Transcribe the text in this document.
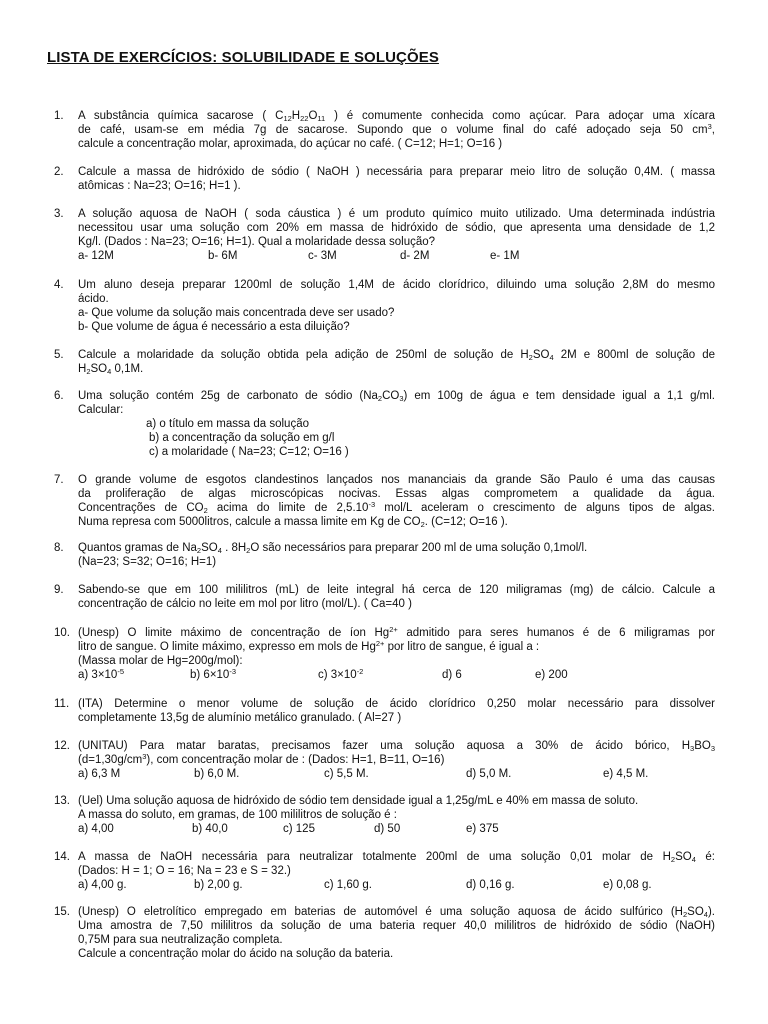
LISTA DE EXERCÍCIOS: SOLUBILIDADE E SOLUÇÕES
1. A substância química sacarose ( $C_{12}H_{22}O_{11}$ ) é comumente conhecida como açúcar. Para adoçar uma xícara
de café, usam-se em média 7g de sacarose. Supondo que o volume final do café adoçado seja 50 $cm^3$,
calcule a concentração molar, aproximada, do açúcar no café. ( C=12; H=1; O=16 )
2. Calcule a massa de hidróxido de sódio ( NaOH ) necessária para preparar meio litro de solução 0,4M. ( massa
atômicas : Na=23; O=16; H=1 ).
3. A solução aquosa de NaOH ( soda cáustica ) é um produto químico muito utilizado. Uma determinada indústria
necessitou usar uma solução com 20% em massa de hidróxido de sódio, que apresenta uma densidade de 1,2
Kg/l. (Dados : Na=23; O=16; H=1). Qual a molaridade dessa solução?
a- 12M	b- 6M	c- 3M	d- 2M	e- 1M
4. Um aluno deseja preparar 1200ml de solução 1,4M de ácido clorídrico, diluindo uma solução 2,8M do mesmo
ácido.
a- Que volume da solução mais concentrada deve ser usado?
b- Que volume de água é necessário a esta diluição?
5. Calcule a molaridade da solução obtida pela adição de 250ml de solução de $H_2SO_4$ 2M e 800ml de solução de
$H_2SO_4$ 0,1M.
6. Uma solução contém 25g de carbonato de sódio $(Na_2CO_3)$ em 100g de água e tem densidade igual a 1,1 g/ml.
Calcular:
a) o título em massa da solução
b) a concentração da solução em g/l
c) a molaridade ( Na=23; C=12; O=16 )
7. O grande volume de esgotos clandestinos lançados nos mananciais da grande São Paulo é uma das causas
da proliferação de algas microscópicas nocivas. Essas algas comprometem a qualidade da água.
Concentrações de $CO_2$ acima do limite de $2,5.10^{-3}$ mol/L aceleram o crescimento de alguns tipos de algas.
Numa represa com 5000litros, calcule a massa limite em Kg de $CO_2$. (C=12; O=16 ).
8. Quantos gramas de $Na_2SO_4$ . $8H_2O$ são necessários para preparar 200 ml de uma solução 0,1mol/l.
(Na=23; S=32; O=16; H=1)
9. Sabendo-se que em 100 mililitros (mL) de leite integral há cerca de 120 miligramas (mg) de cálcio. Calcule a
concentração de cálcio no leite em mol por litro (mol/L). ( Ca=40 )
10. (Unesp) O limite máximo de concentração de íon $Hg^{2+}$ admitido para seres humanos é de 6 miligramas por
litro de sangue. O limite máximo, expresso em mols de $Hg^{2+}$ por litro de sangue, é igual a :
(Massa molar de Hg=200g/mol):
a) $3\times 10^{-5}$	b) $6\times 10^{-3}$	c) $3\times 10^{-2}$	d) 6	e) 200
11. (ITA) Determine o menor volume de solução de ácido clorídrico 0,250 molar necessário para dissolver
completamente 13,5g de alumínio metálico granulado. ( Al=27 )
12. (UNITAU) Para matar baratas, precisamos fazer uma solução aquosa a 30% de ácido bórico, $H_3BO_3$
$(d=1,30g/cm^3)$, com concentração molar de : (Dados: H=1, B=11, O=16)
a) 6,3 M	b) 6,0 M.	c) 5,5 M.	d) 5,0 M.	e) 4,5 M.
13. (Uel) Uma solução aquosa de hidróxido de sódio tem densidade igual a 1,25g/mL e 40% em massa de soluto.
A massa do soluto, em gramas, de 100 mililitros de solução é :
a) 4,00	b) 40,0	c) 125	d) 50	e) 375
14. A massa de NaOH necessária para neutralizar totalmente 200ml de uma solução 0,01 molar de $H_2SO_4$ é:
(Dados: H = 1; O = 16; Na = 23 e S = 32.)
a) 4,00 g.	b) 2,00 g.	c) 1,60 g.	d) 0,16 g.	e) 0,08 g.
15. (Unesp) O eletrolítico empregado em baterias de automóvel é uma solução aquosa de ácido sulfúrico $(H_2SO_4)$.
Uma amostra de 7,50 mililitros da solução de uma bateria requer 40,0 mililitros de hidróxido de sódio (NaOH)
0,75M para sua neutralização completa.
Calcule a concentração molar do ácido na solução da bateria.
